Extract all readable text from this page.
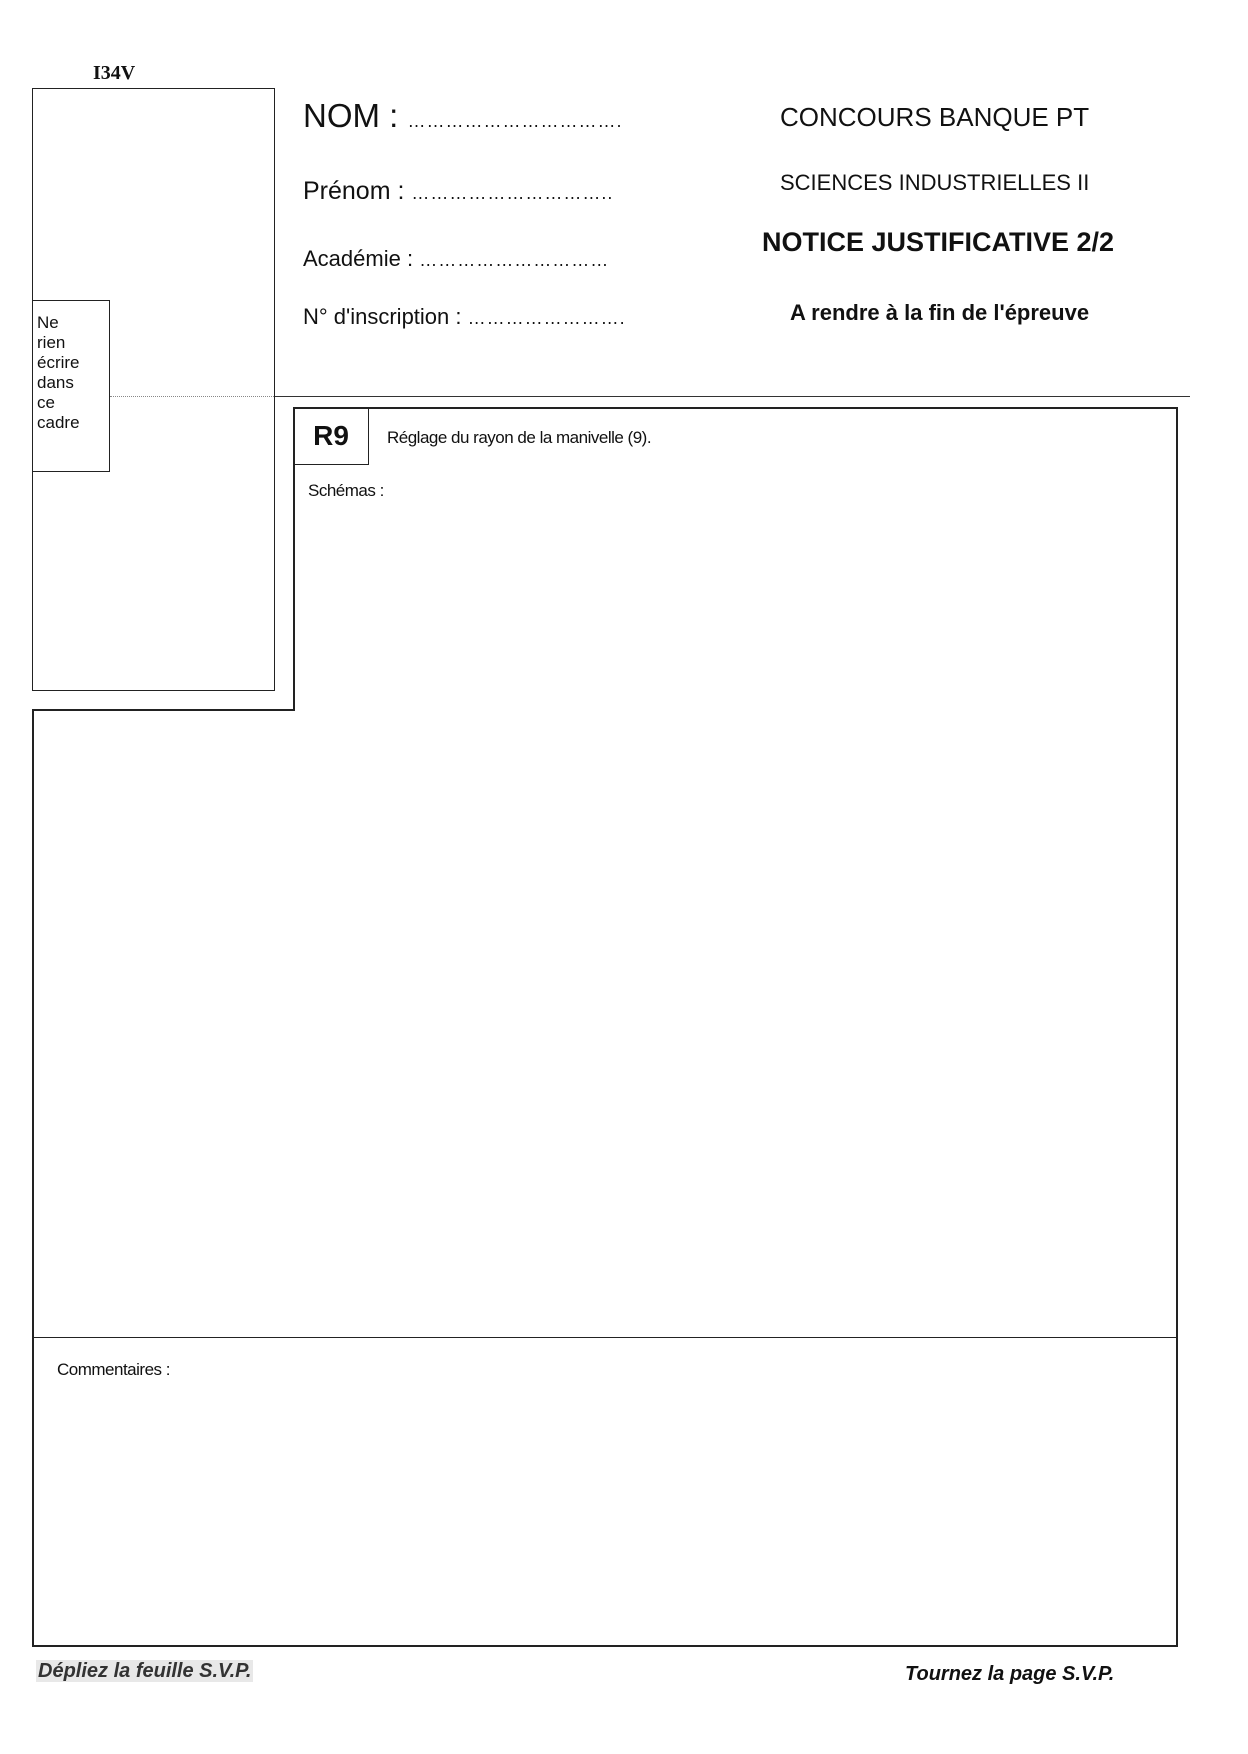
I34V
Ne
rien
écrire
dans
ce
cadre
NOM : …………………………….
Prénom : …………………………..
Académie : …………………………
N° d'inscription : …………………….
CONCOURS BANQUE PT
SCIENCES INDUSTRIELLES II
NOTICE JUSTIFICATIVE 2/2
A rendre à la fin de l'épreuve
R9	Réglage du rayon de la manivelle (9).
Schémas :
Commentaires :
Dépliez la feuille S.V.P.	Tournez la page S.V.P.
